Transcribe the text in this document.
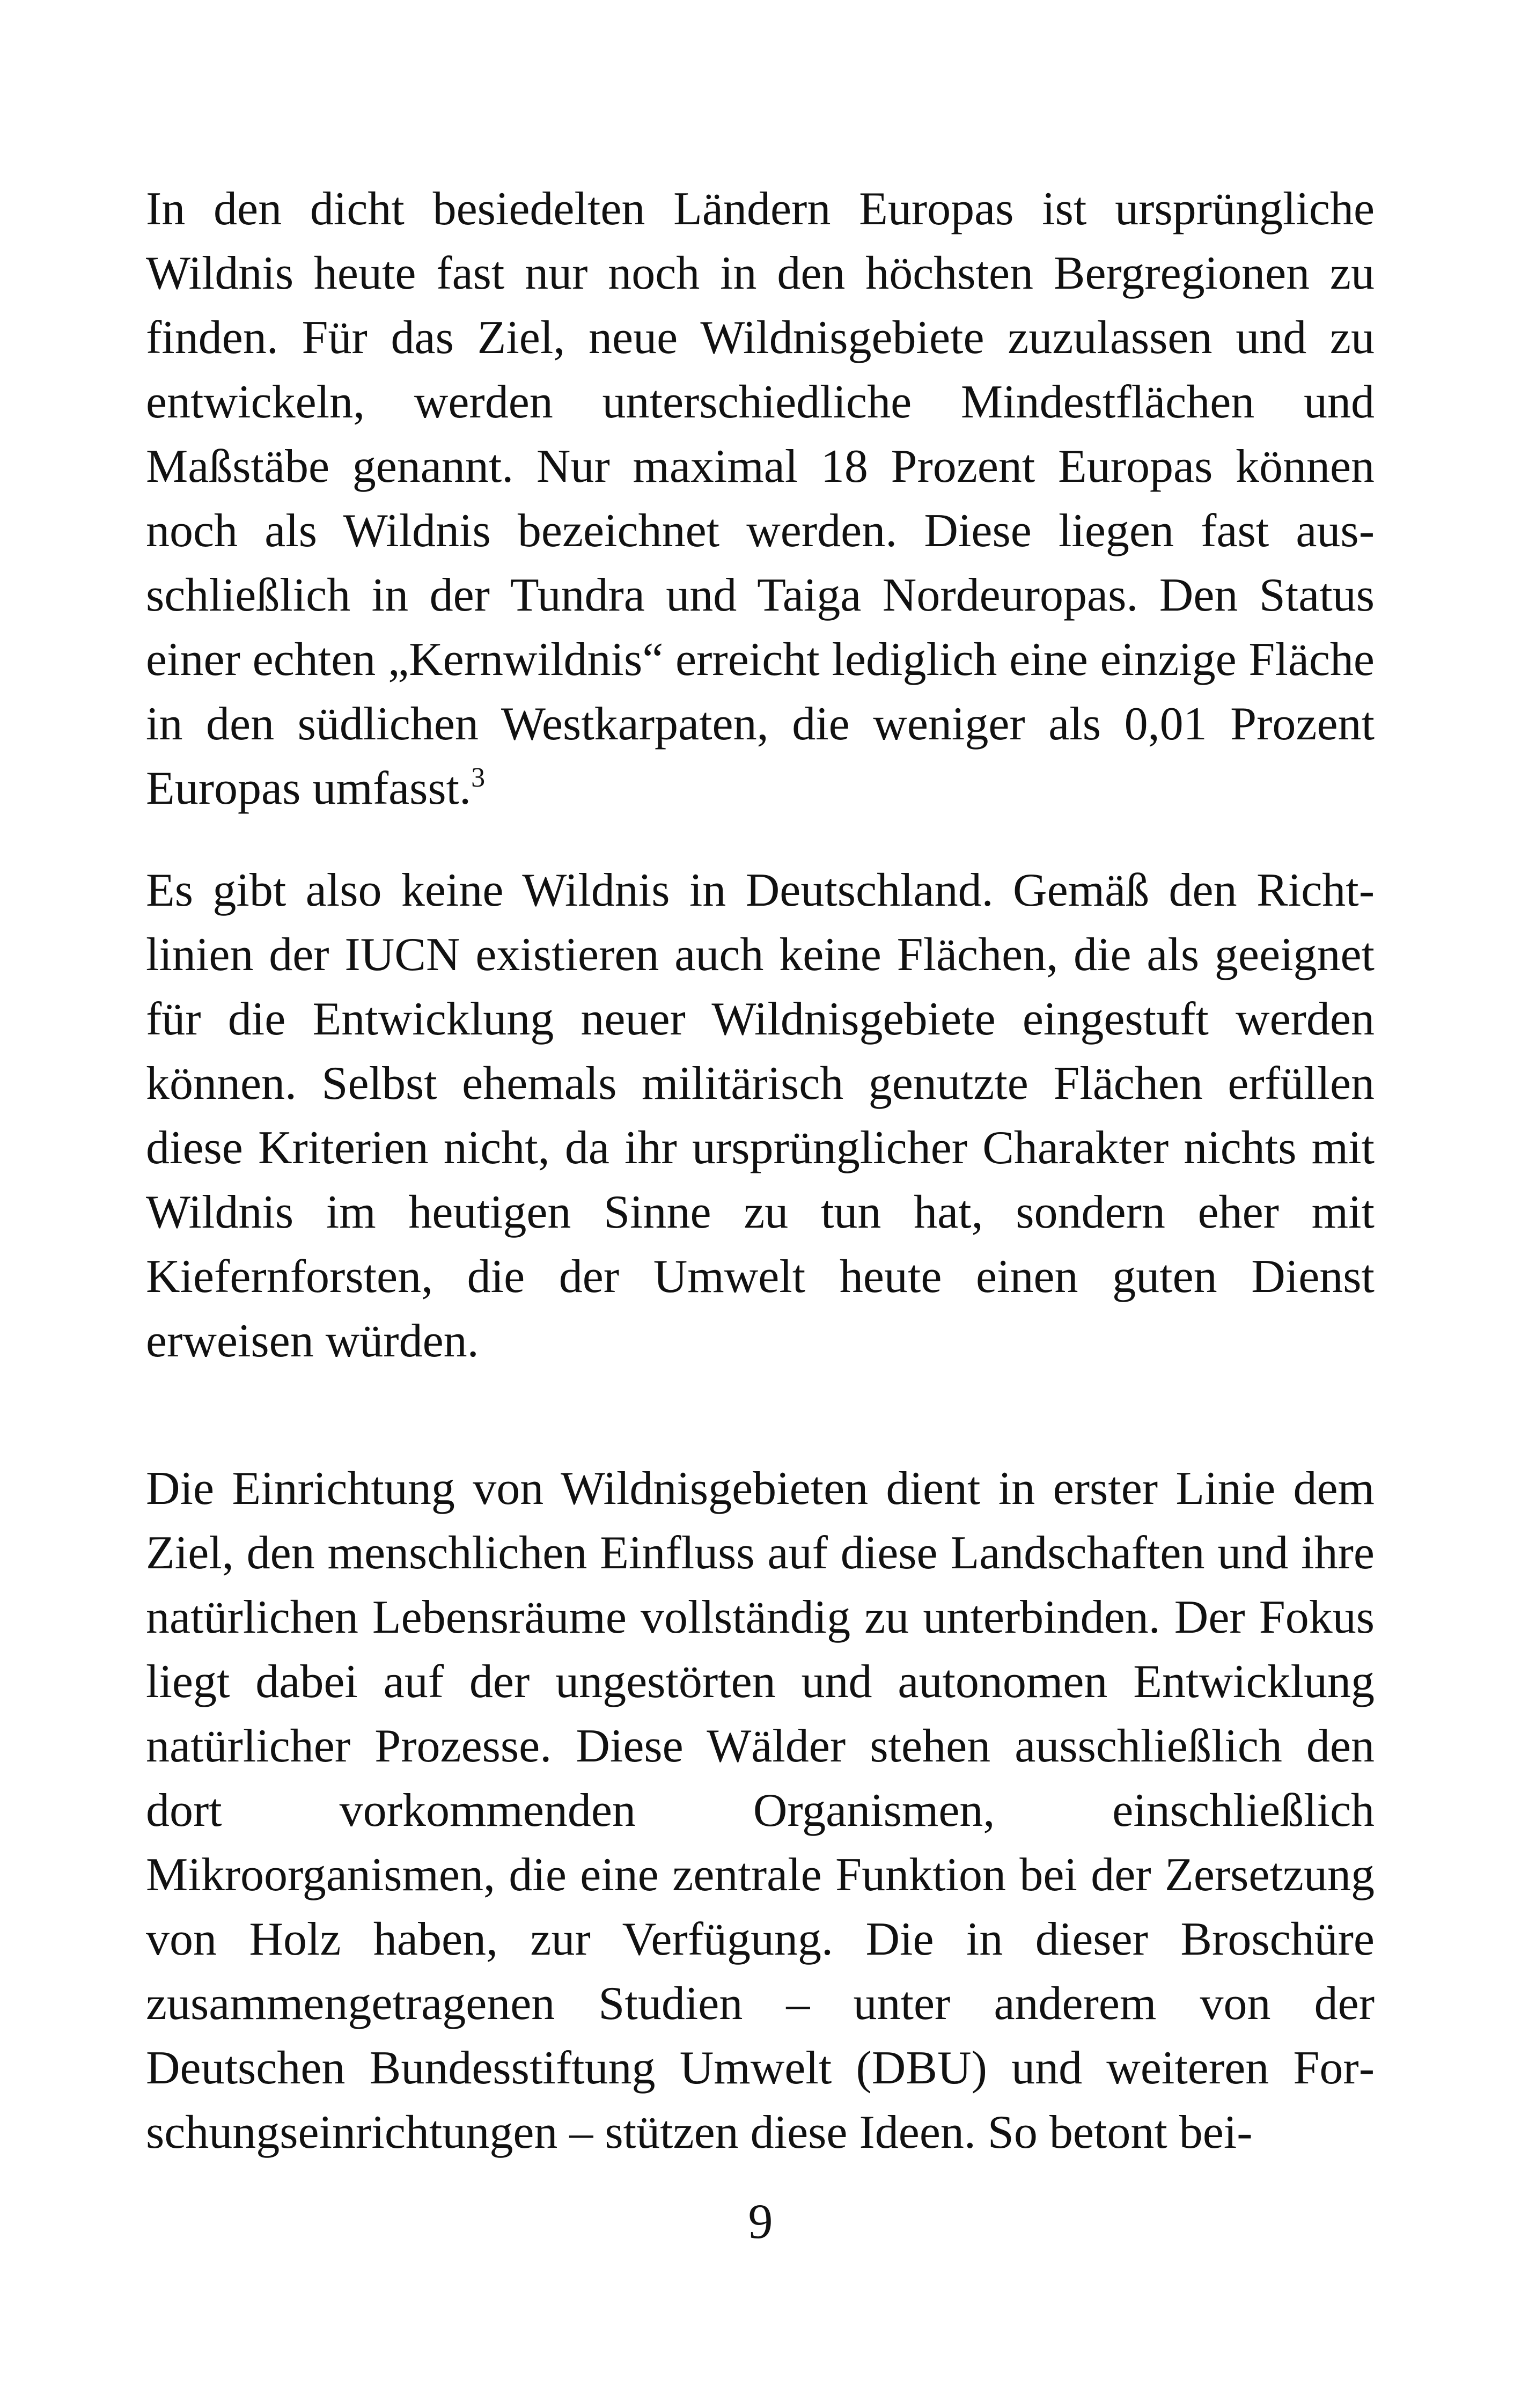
In den dicht besiedelten Ländern Europas ist ursprüngliche Wildnis heute fast nur noch in den höchsten Bergregionen zu finden. Für das Ziel, neue Wildnisgebiete zuzulassen und zu entwickeln, werden unterschiedliche Mindestflächen und Maßstäbe genannt. Nur maximal 18 Prozent Europas können noch als Wildnis bezeichnet werden. Diese liegen fast ausschließlich in der Tundra und Taiga Nordeuropas. Den Status einer echten „Kernwildnis“ erreicht lediglich eine einzige Fläche in den südlichen Westkarpaten, die weniger als 0,01 Prozent Europas umfasst.$^3$

Es gibt also keine Wildnis in Deutschland. Gemäß den Richtlinien der IUCN existieren auch keine Flächen, die als geeignet für die Entwicklung neuer Wildnisgebiete eingestuft werden können. Selbst ehemals militärisch genutzte Flächen erfüllen diese Kriterien nicht, da ihr ursprünglicher Charakter nichts mit Wildnis im heutigen Sinne zu tun hat, sondern eher mit Kiefernforsten, die der Umwelt heute einen guten Dienst erweisen würden.

Die Einrichtung von Wildnisgebieten dient in erster Linie dem Ziel, den menschlichen Einfluss auf diese Landschaften und ihre natürlichen Lebensräume vollständig zu unterbinden. Der Fokus liegt dabei auf der ungestörten und autonomen Entwicklung natürlicher Prozesse. Diese Wälder stehen ausschließlich den dort vorkommenden Organismen, einschließlich Mikroorganismen, die eine zentrale Funktion bei der Zersetzung von Holz haben, zur Verfügung. Die in dieser Broschüre zusammengetragenen Studien – unter anderem von der Deutschen Bundesstiftung Umwelt (DBU) und weiteren Forschungseinrichtungen – stützen diese Ideen. So betont bei-

9
